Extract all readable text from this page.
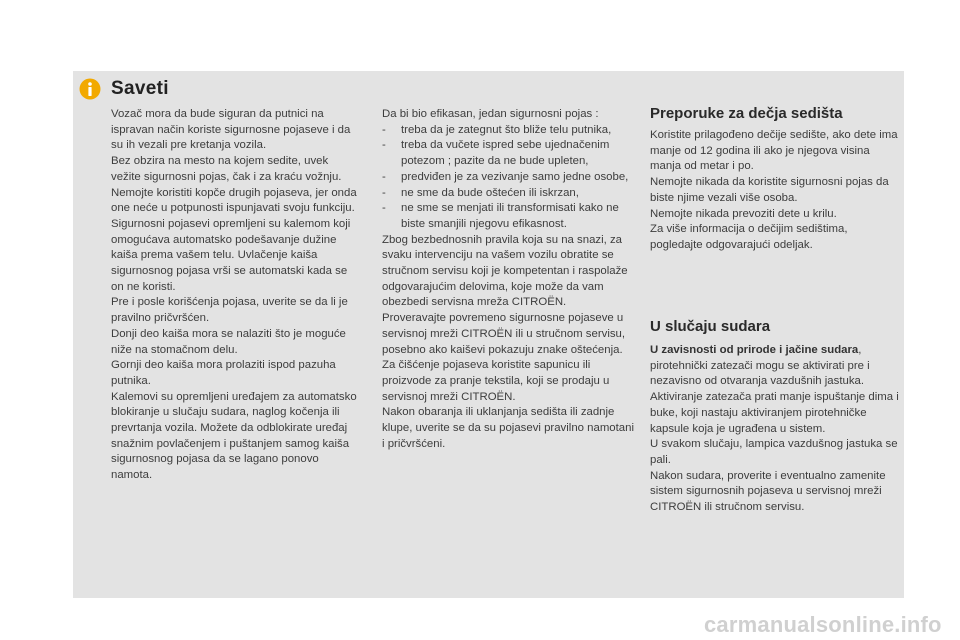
Saveti

Vozač mora da bude siguran da putnici na ispravan način koriste sigurnosne pojaseve i da su ih vezali pre kretanja vozila.

Bez obzira na mesto na kojem sedite, uvek vežite sigurnosni pojas, čak i za kraću vožnju.

Nemojte koristiti kopče drugih pojaseva, jer onda one neće u potpunosti ispunjavati svoju funkciju.

Sigurnosni pojasevi opremljeni su kalemom koji omogućava automatsko podešavanje dužine kaiša prema vašem telu. Uvlačenje kaiša sigurnosnog pojasa vrši se automatski kada se on ne koristi.

Pre i posle korišćenja pojasa, uverite se da li je pravilno pričvršćen.

Donji deo kaiša mora se nalaziti što je moguće niže na stomačnom delu.

Gornji deo kaiša mora prolaziti ispod pazuha putnika.

Kalemovi su opremljeni uređajem za automatsko blokiranje u slučaju sudara, naglog kočenja ili prevrtanja vozila. Možete da odblokirate uređaj snažnim povlačenjem i puštanjem samog kaiša sigurnosnog pojasa da se lagano ponovo namota.

Da bi bio efikasan, jedan sigurnosni pojas :

-	treba da je zategnut što bliže telu putnika,
-	treba da vučete ispred sebe ujednačenim potezom ; pazite da ne bude upleten,
-	predviđen je za vezivanje samo jedne osobe,
-	ne sme da bude oštećen ili iskrzan,
-	ne sme se menjati ili transformisati kako ne biste smanjili njegovu efikasnost.

Zbog bezbednosnih pravila koja su na snazi, za svaku intervenciju na vašem vozilu obratite se stručnom servisu koji je kompetentan i raspolaže odgovarajućim delovima, koje može da vam obezbedi servisna mreža CITROËN.

Proveravajte povremeno sigurnosne pojaseve u servisnoj mreži CITROËN ili u stručnom servisu, posebno ako kaiševi pokazuju znake oštećenja.

Za čišćenje pojaseva koristite sapunicu ili proizvode za pranje tekstila, koji se prodaju u servisnoj mreži CITROËN.

Nakon obaranja ili uklanjanja sedišta ili zadnje klupe, uverite se da su pojasevi pravilno namotani i pričvršćeni.

Preporuke za dečja sedišta

Koristite prilagođeno dečije sedište, ako dete ima manje od 12 godina ili ako je njegova visina manja od metar i po.

Nemojte nikada da koristite sigurnosni pojas da biste njime vezali više osoba.

Nemojte nikada prevoziti dete u krilu.

Za više informacija o dečijim sedištima, pogledajte odgovarajući odeljak.

U slučaju sudara

U zavisnosti od prirode i jačine sudara, pirotehnički zatezači mogu se aktivirati pre i nezavisno od otvaranja vazdušnih jastuka. Aktiviranje zatezača prati manje ispuštanje dima i buke, koji nastaju aktiviranjem pirotehničke kapsule koja je ugrađena u sistem.

U svakom slučaju, lampica vazdušnog jastuka se pali.

Nakon sudara, proverite i eventualno zamenite sistem sigurnosnih pojaseva u servisnoj mreži CITROËN ili stručnom servisu.

carmanualsonline.info
